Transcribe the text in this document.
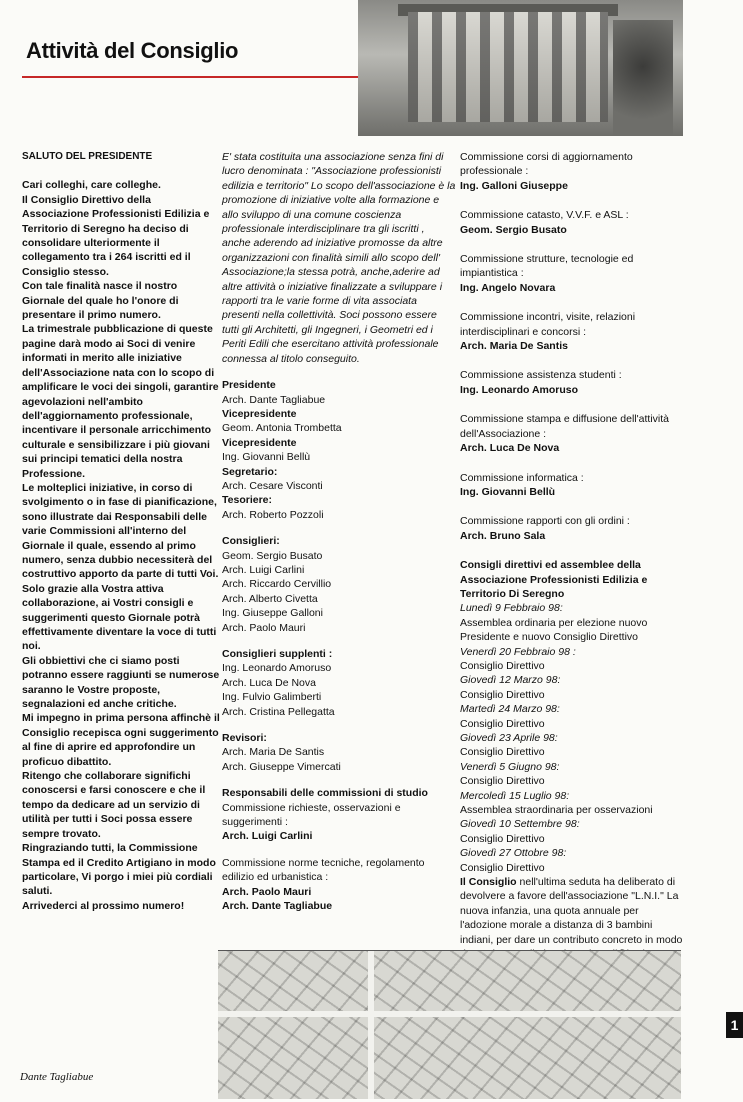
Attività del Consiglio
SALUTO DEL PRESIDENTE

Cari colleghi, care colleghe.

Il Consiglio Direttivo della Associazione Professionisti Edilizia e Territorio di Seregno ha deciso di consolidare ulteriormente il collegamento tra i 264 iscritti ed il Consiglio stesso.

Con tale finalità nasce il nostro Giornale del quale ho l'onore di presentare il primo numero.

La trimestrale pubblicazione di queste pagine darà modo ai Soci di venire informati in merito alle iniziative dell'Associazione nata con lo scopo di amplificare le voci dei singoli, garantire agevolazioni nell'ambito dell'aggiornamento professionale, incentivare il personale arricchimento culturale e sensibilizzare i più giovani sui principi tematici della nostra Professione.

Le molteplici iniziative, in corso di svolgimento o in fase di pianificazione, sono illustrate dai Responsabili delle varie Commissioni all'interno del Giornale il quale, essendo al primo numero, senza dubbio necessiterà del costruttivo apporto da parte di tutti Voi.

Solo grazie alla Vostra attiva collaborazione, ai Vostri consigli e suggerimenti questo Giornale potrà effettivamente diventare la voce di tutti noi.

Gli obbiettivi che ci siamo posti potranno essere raggiunti se numerose saranno le Vostre proposte, segnalazioni ed anche critiche.

Mi impegno in prima persona affinchè il Consiglio recepisca ogni suggerimento al fine di aprire ed approfondire un proficuo dibattito.

Ritengo che collaborare significhi conoscersi e farsi conoscere e che il tempo da dedicare ad un servizio di utilità per tutti i Soci possa essere sempre trovato.

Ringraziando tutti, la Commissione Stampa ed il Credito Artigiano in modo particolare, Vi porgo i miei più cordiali saluti.

Arrivederci al prossimo numero!

Dante Tagliabue
E' stata costituita una associazione senza fini di lucro denominata : "Associazione professionisti edilizia e territorio" Lo scopo dell'associazione è la promozione di iniziative volte alla formazione e allo sviluppo di una comune coscienza professionale interdisciplinare tra gli iscritti , anche aderendo ad iniziative promosse da altre organizzazioni con finalità simili allo scopo dell' Associazione;la stessa potrà, anche,aderire ad altre attività o iniziative finalizzate a sviluppare i rapporti tra le varie forme di vita associata presenti nella collettività. Soci possono essere tutti gli Architetti, gli Ingegneri, i Geometri ed i Periti Edili che esercitano attività professionale connessa al titolo conseguito.
Presidente
Arch. Dante Tagliabue
Vicepresidente
Geom. Antonia Trombetta
Vicepresidente
Ing. Giovanni Bellù
Segretario:
Arch. Cesare Visconti
Tesoriere:
Arch. Roberto Pozzoli
Consiglieri:
Geom. Sergio Busato
Arch. Luigi Carlini
Arch. Riccardo Cervillio
Arch. Alberto Civetta
Ing. Giuseppe Galloni
Arch. Paolo Mauri
Consiglieri supplenti :
Ing. Leonardo Amoruso
Arch. Luca De Nova
Ing. Fulvio Galimberti
Arch. Cristina Pellegatta
Revisori:
Arch. Maria De Santis
Arch. Giuseppe Vimercati
Responsabili delle commissioni di studio
Commissione richieste, osservazioni e suggerimenti :
Arch. Luigi Carlini
Commissione norme tecniche, regolamento edilizio ed urbanistica :
Arch. Paolo Mauri
Arch. Dante Tagliabue
Commissione corsi di aggiornamento professionale :
Ing. Galloni Giuseppe
Commissione catasto, V.V.F. e ASL :
Geom. Sergio Busato
Commissione strutture, tecnologie ed impiantistica :
Ing. Angelo Novara
Commissione incontri, visite, relazioni interdisciplinari e concorsi :
Arch. Maria De Santis
Commissione assistenza studenti :
Ing. Leonardo Amoruso
Commissione stampa e diffusione dell'attività dell'Associazione :
Arch. Luca De Nova
Commissione informatica :
Ing. Giovanni Bellù
Commissione rapporti con gli ordini :
Arch. Bruno Sala
Consigli direttivi ed assemblee della Associazione Professionisti Edilizia e Territorio Di Seregno
Lunedì 9 Febbraio 98:
Assemblea ordinaria per elezione nuovo Presidente e nuovo Consiglio Direttivo
Venerdì 20 Febbraio 98 :
Consiglio Direttivo
Giovedì 12 Marzo 98:
Consiglio Direttivo
Martedì 24 Marzo 98:
Consiglio Direttivo
Giovedì 23 Aprile 98:
Consiglio Direttivo
Venerdì 5 Giugno 98:
Consiglio Direttivo
Mercoledì 15 Luglio 98:
Assemblea straordinaria per osservazioni
Giovedì 10 Settembre 98:
Consiglio Direttivo
Giovedì 27 Ottobre 98:
Consiglio Direttivo
Il Consiglio nell'ultima seduta ha deliberato di devolvere a favore dell'associazione "L.N.I." La nuova infanzia, una quota annuale per l'adozione morale a distanza di 3 bambini indiani, per dare un contributo concreto in modo
1
